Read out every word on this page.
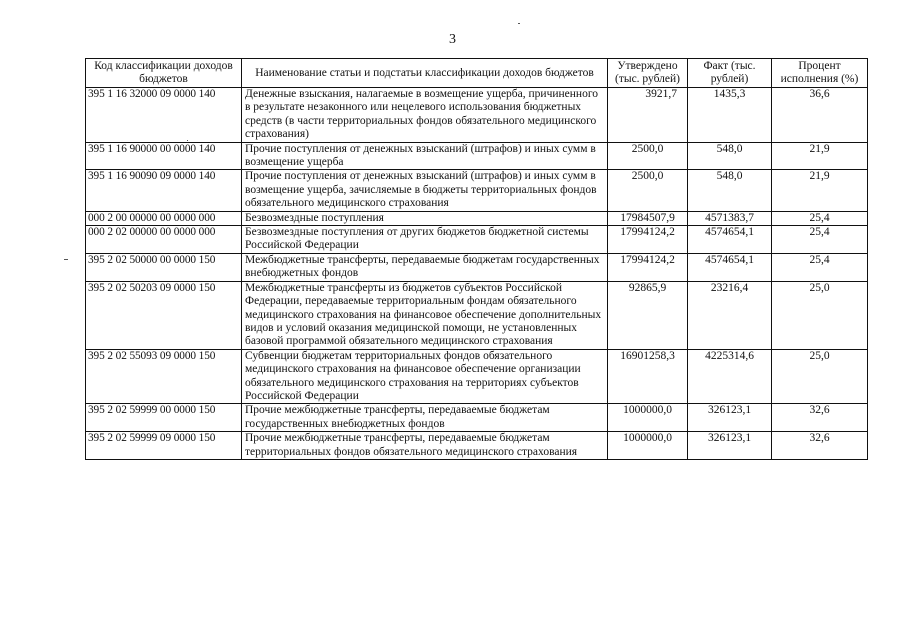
3
Код классификации доходов бюджетов	Наименование статьи и подстатьи классификации доходов бюджетов	Утверждено (тыс. рублей)	Факт (тыс. рублей)	Процент исполнения (%)
395 1 16 32000 09 0000 140	Денежные взыскания, налагаемые в возмещение ущерба, причиненного в результате незаконного или нецелевого использования бюджетных средств (в части территориальных фондов обязательного медицинского страхования)	3921,7	1435,3	36,6
395 1 16 90000 00 0000 140	Прочие поступления от денежных взысканий (штрафов) и иных сумм в возмещение ущерба	2500,0	548,0	21,9
395 1 16 90090 09 0000 140	Прочие поступления от денежных взысканий (штрафов) и иных сумм в возмещение ущерба, зачисляемые в бюджеты территориальных фондов обязательного медицинского страхования	2500,0	548,0	21,9
000 2 00 00000 00 0000 000	Безвозмездные поступления	17984507,9	4571383,7	25,4
000 2 02 00000 00 0000 000	Безвозмездные поступления от других бюджетов бюджетной системы Российской Федерации	17994124,2	4574654,1	25,4
395 2 02 50000 00 0000 150	Межбюджетные трансферты, передаваемые бюджетам государственных внебюджетных фондов	17994124,2	4574654,1	25,4
395 2 02 50203 09 0000 150	Межбюджетные трансферты из бюджетов субъектов Российской Федерации, передаваемые территориальным фондам обязательного медицинского страхования на финансовое обеспечение дополнительных видов и условий оказания медицинской помощи, не установленных базовой программой обязательного медицинского страхования	92865,9	23216,4	25,0
395 2 02 55093 09 0000 150	Субвенции бюджетам территориальных фондов обязательного медицинского страхования на финансовое обеспечение организации обязательного медицинского страхования на территориях субъектов Российской Федерации	16901258,3	4225314,6	25,0
395 2 02 59999 00 0000 150	Прочие межбюджетные трансферты, передаваемые бюджетам государственных внебюджетных фондов	1000000,0	326123,1	32,6
395 2 02 59999 09 0000 150	Прочие межбюджетные трансферты, передаваемые бюджетам территориальных фондов обязательного медицинского страхования	1000000,0	326123,1	32,6
